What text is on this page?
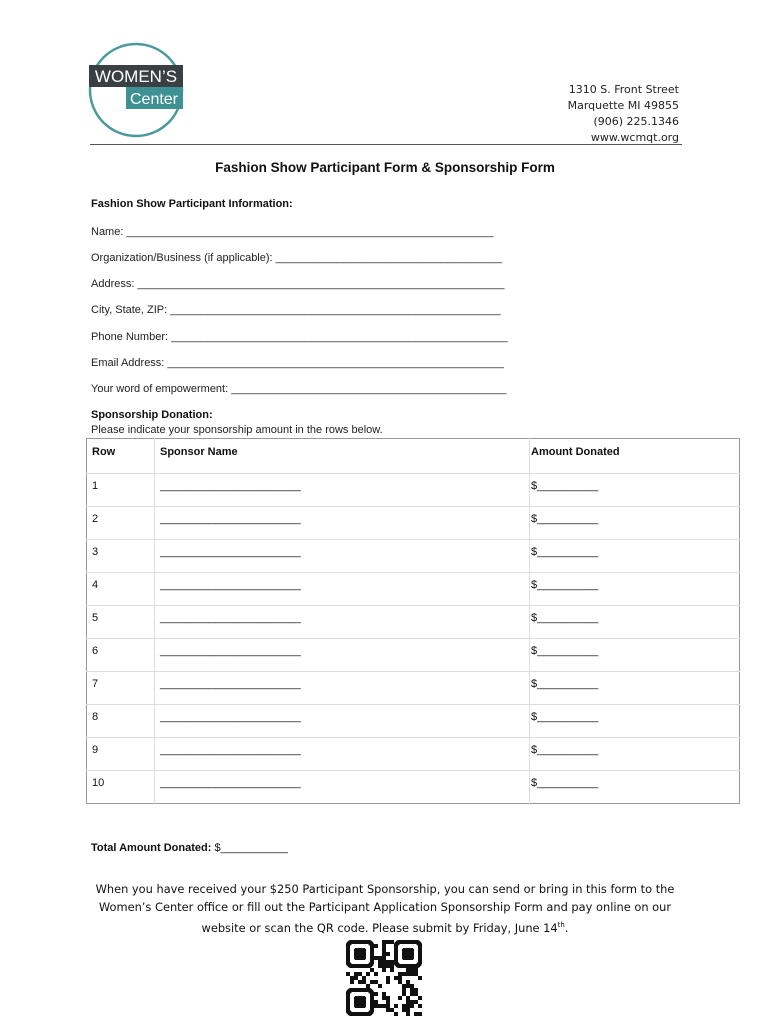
WOMEN’S
Center
1310 S. Front Street
Marquette MI 49855
(906) 225.1346
www.wcmqt.org
Fashion Show Participant Form & Sponsorship Form
Fashion Show Participant Information:
Name: ____________________________________________________________
Organization/Business (if applicable): _____________________________________
Address: ____________________________________________________________
City, State, ZIP: ______________________________________________________
Phone Number: _______________________________________________________
Email Address: _______________________________________________________
Your word of empowerment: _____________________________________________
Sponsorship Donation:
Please indicate your sponsorship amount in the rows below.
Row	Sponsor Name	Amount Donated
1	_______________________	$__________
2	_______________________	$__________
3	_______________________	$__________
4	_______________________	$__________
5	_______________________	$__________
6	_______________________	$__________
7	_______________________	$__________
8	_______________________	$__________
9	_______________________	$__________
10	_______________________	$__________
Total Amount Donated: $___________
When you have received your $250 Participant Sponsorship, you can send or bring in this form to the
Women’s Center office or fill out the Participant Application Sponsorship Form and pay online on our
website or scan the QR code. Please submit by Friday, June 14th.
